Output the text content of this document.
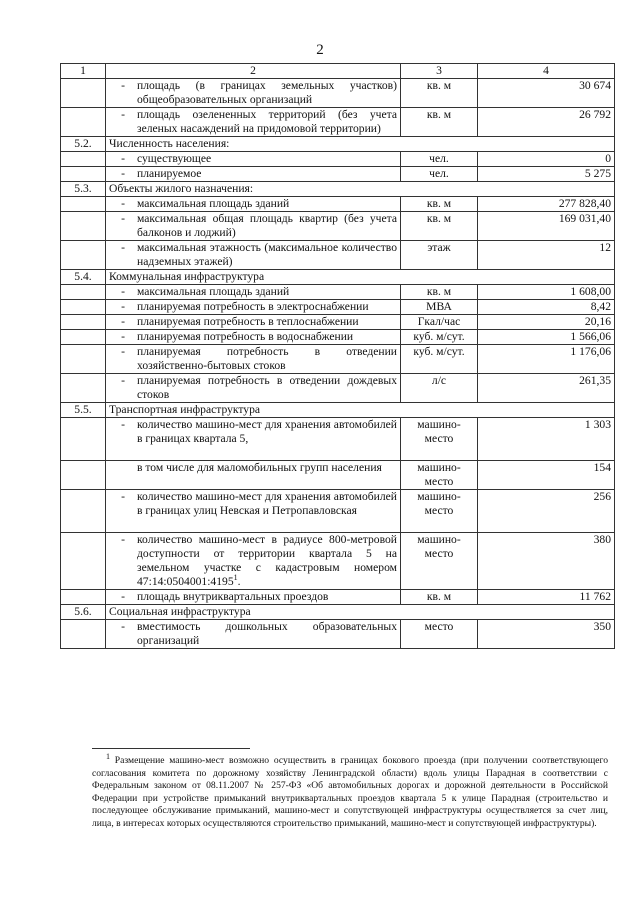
2
1	2	3	4

	- площадь (в границах земельных участков) общеобразовательных организаций	кв. м	30 674

	- площадь озелененных территорий (без учета зеленых насаждений на придомовой территории)	кв. м	26 792
5.2.	Численность населения:		

	- существующее	чел.	0

	- планируемое	чел.	5 275
5.3.	Объекты жилого назначения:		

	- максимальная площадь зданий	кв. м	277 828,40

	- максимальная общая площадь квартир (без учета балконов и лоджий)	кв. м	169 031,40

	- максимальная этажность (максимальное количество надземных этажей)	этаж	12
5.4.	Коммунальная инфраструктура		

	- максимальная площадь зданий	кв. м	1 608,00

	- планируемая потребность в электроснабжении	МВА	8,42

	- планируемая потребность в теплоснабжении	Гкал/час	20,16

	- планируемая потребность в водоснабжении	куб. м/сут.	1 566,06

	- планируемая потребность в отведении хозяйственно-бытовых стоков	куб. м/сут.	1 176,06

	- планируемая потребность в отведении дождевых стоков	л/с	261,35
5.5.	Транспортная инфраструктура		

	- количество машино-мест для хранения автомобилей в границах квартала 5,	машино-место	1 303

	в том числе для маломобильных групп населения	машино-место	154

	- количество машино-мест для хранения автомобилей в границах улиц Невская и Петропавловская	машино-место	256

	- количество машино-мест в радиусе 800-метровой доступности от территории квартала 5 на земельном участке с кадастровым номером 47:14:0504001:4195$^1$.	машино-место	380

	- площадь внутриквартальных проездов	кв. м	11 762
5.6.	Социальная инфраструктура		

	- вместимость дошкольных образовательных организаций	место	350
$^1$ Размещение машино-мест возможно осуществить в границах бокового проезда (при получении соответствующего согласования комитета по дорожному хозяйству Ленинградской области) вдоль улицы Парадная в соответствии с Федеральным законом от 08.11.2007 № 257-ФЗ «Об автомобильных дорогах и дорожной деятельности в Российской Федерации при устройстве примыканий внутриквартальных проездов квартала 5 к улице Парадная (строительство и последующее обслуживание примыканий, машино-мест и сопутствующей инфраструктуры осуществляется за счет лиц, лица, в интересах которых осуществляются строительство примыканий, машино-мест и сопутствующей инфраструктуры).
